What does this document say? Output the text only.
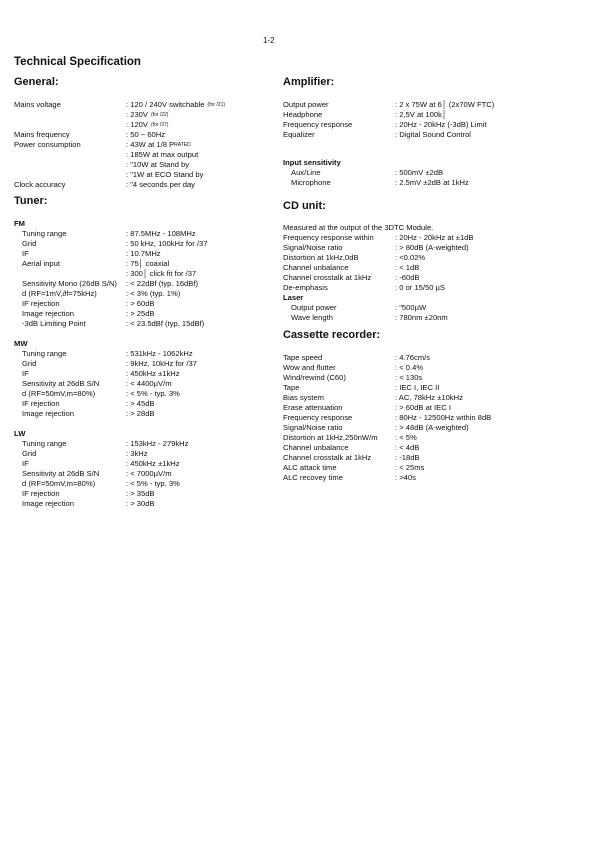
1-2
Technical Specification
General:
Mains voltage	: 120 / 240V switchable (for /21)
: 230V (for /22)
: 120V (for /37)
Mains frequency	: 50 ~ 60Hz
Power consumption	: 43W at 1/8 P RATED
: 185W at max output
: "10W at Stand by
: "1W at ECO Stand by
Clock accuracy	: "4 seconds per day
Tuner:
FM
Tuning range	: 87.5MHz - 108MHz
Grid	: 50 kHz, 100kHz for /37
IF	: 10.7MHz
Aerial input	: 75│ coaxial
: 300│ click fit for /37
Sensitivity Mono (26dB S/N)	: < 22dBf (typ. 16dBf)
d (RF=1mV,∂f=75kHz)	: < 3% (typ. 1%)
IF rejection	: > 60dB
Image rejection	: > 25dB
-3dB Limiting Point	: < 23.5dBf (typ. 15dBf)
MW
Tuning range	: 531kHz - 1062kHz
Grid	: 9kHz, 10kHz for /37
IF	: 450kHz ±1kHz
Sensitivity at 26dB S/N	: < 4400µV/m
d (RF=50mV,m=80%)	: < 5% - typ. 3%
IF rejection	: > 45dB
Image rejection	: > 28dB
LW
Tuning range	: 153kHz - 279kHz
Grid	: 3kHz
IF	: 450kHz ±1kHz
Sensitivity at 26dB S/N	: < 7000µV/m
d (RF=50mV,m=80%)	: < 5% - typ. 3%
IF rejection	: > 35dB
Image rejection	: > 30dB
Amplifier:
Output power	: 2 x 75W at 6│ (2x70W FTC)
Headphone	: 2,5V at 100k│
Frequency response	: 20Hz - 20kHz (-3dB) Limit
Equalizer	: Digital Sound Control
Input sensitivity
Aux/Line	: 500mV ±2dB
Microphone	: 2.5mV ±2dB at 1kHz
CD unit:
Measured at the output of the 3DTC Module.
Frequency response within	: 20Hz - 20kHz at ±1dB
Signal/Noise ratio	: > 80dB (A-weighted)
Distortion at 1kHz,0dB	: <0.02%
Channel unbalance	: < 1dB
Channel crosstalk at 1kHz	: -60dB
De-emphasis	: 0 or 15/50 µS
Laser
Output power	: "500µW
Wave length	: 780nm ±20nm
Cassette recorder:
Tape speed	: 4.76cm/s
Wow and flutter	: < 0.4%
Wind/rewind (C60)	: < 130s
Tape	: IEC I, IEC II
Bias system	: AC, 78kHz ±10kHz
Erase attenuation	: > 60dB at IEC I
Frequency response	: 80Hz - 12500Hz within 8dB
Signal/Noise ratio	: > 48dB (A-weighted)
Distortion at 1kHz,250nW/m	: < 5%
Channel unbalance	: < 4dB
Channel crosstalk at 1kHz	: -18dB
ALC attack time	: < 25ms
ALC recovey time	: >40s
